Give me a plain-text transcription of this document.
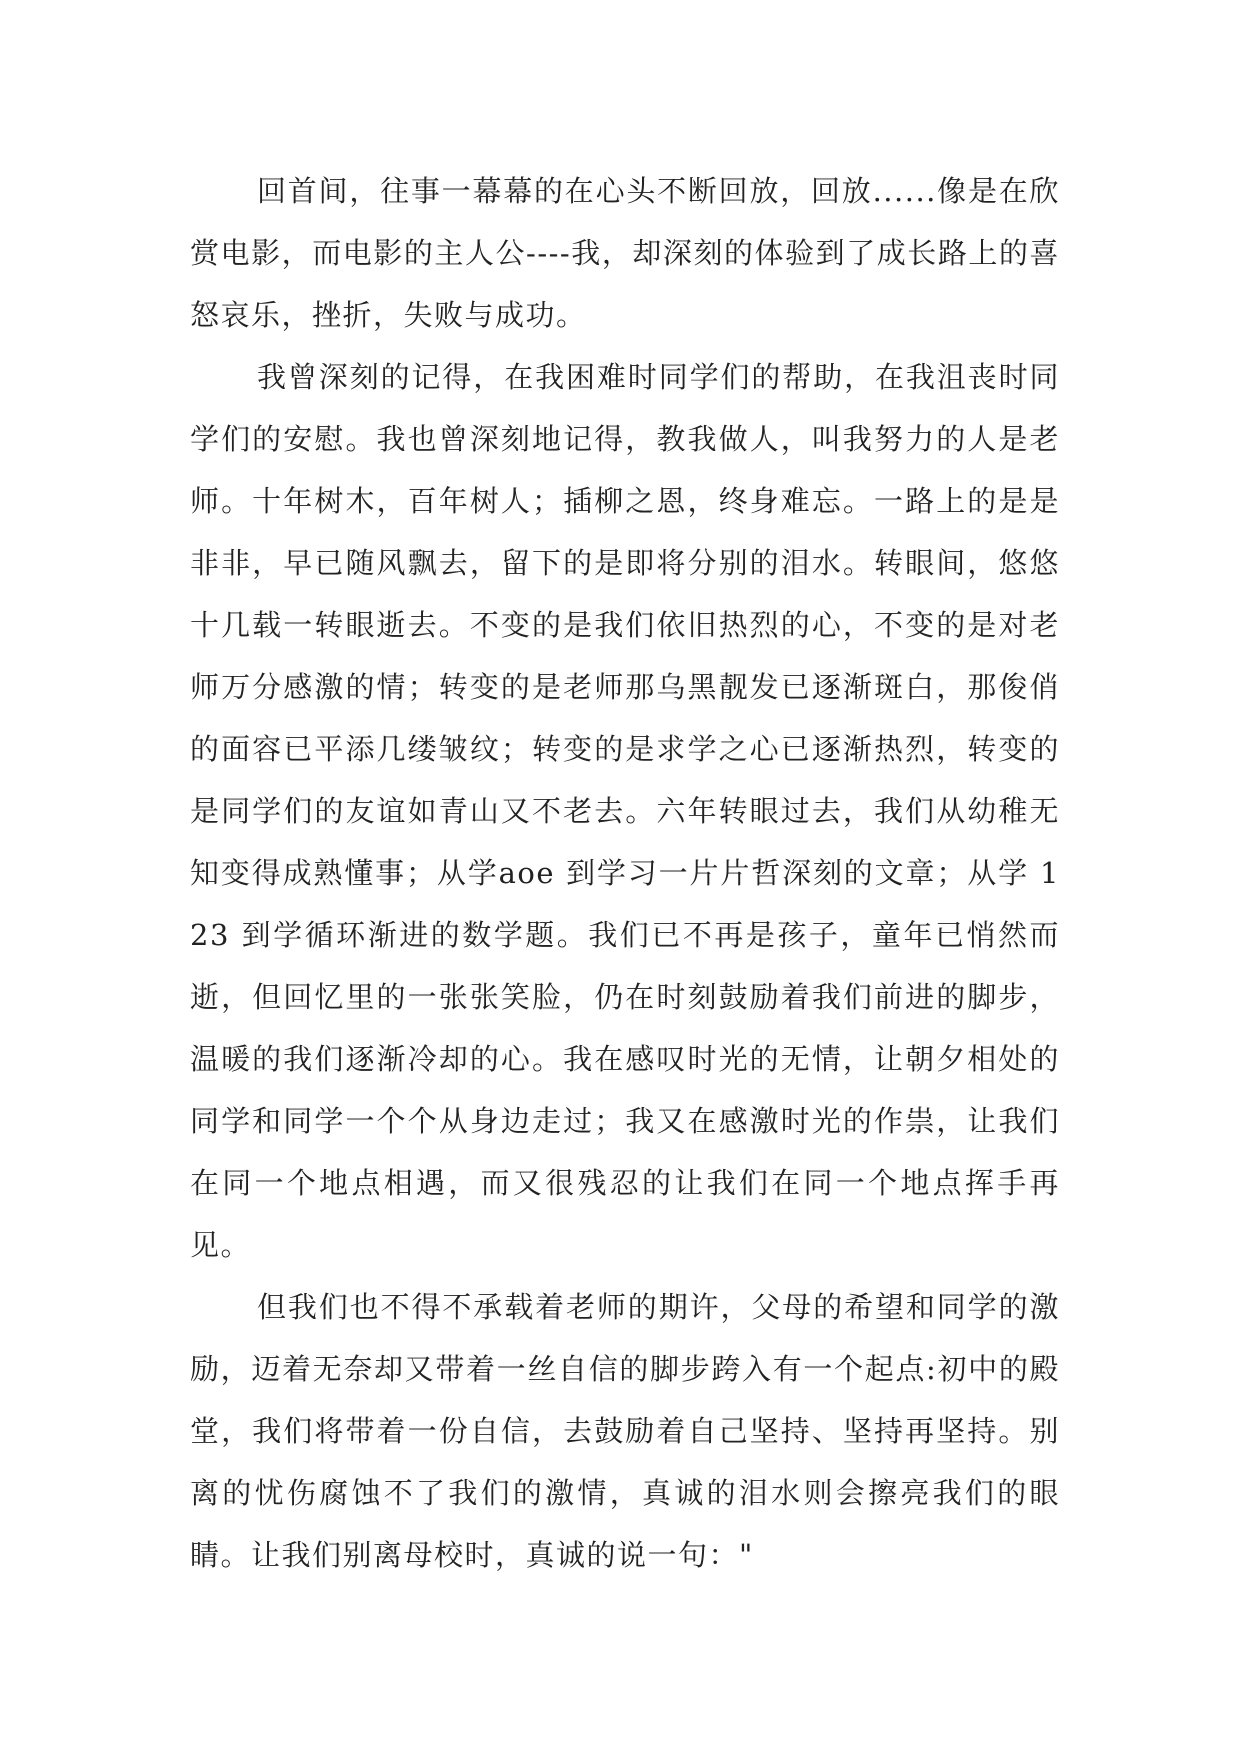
回首间，往事一幕幕的在心头不断回放，回放......像是在欣赏电影，而电影的主人公----我，却深刻的体验到了成长路上的喜怒哀乐，挫折，失败与成功。

我曾深刻的记得，在我困难时同学们的帮助，在我沮丧时同学们的安慰。我也曾深刻地记得，教我做人，叫我努力的人是老师。十年树木，百年树人；插柳之恩，终身难忘。一路上的是是非非，早已随风飘去，留下的是即将分别的泪水。转眼间，悠悠十几载一转眼逝去。不变的是我们依旧热烈的心，不变的是对老师万分感激的情；转变的是老师那乌黑靓发已逐渐斑白，那俊俏的面容已平添几缕皱纹；转变的是求学之心已逐渐热烈，转变的是同学们的友谊如青山又不老去。六年转眼过去，我们从幼稚无知变得成熟懂事；从学aoe 到学习一片片哲深刻的文章；从学 123 到学循环渐进的数学题。我们已不再是孩子，童年已悄然而逝，但回忆里的一张张笑脸，仍在时刻鼓励着我们前进的脚步，温暖的我们逐渐冷却的心。我在感叹时光的无情，让朝夕相处的同学和同学一个个从身边走过；我又在感激时光的作祟，让我们在同一个地点相遇，而又很残忍的让我们在同一个地点挥手再见。

但我们也不得不承载着老师的期许，父母的希望和同学的激励，迈着无奈却又带着一丝自信的脚步跨入有一个起点:初中的殿堂，我们将带着一份自信，去鼓励着自己坚持、坚持再坚持。别离的忧伤腐蚀不了我们的激情，真诚的泪水则会擦亮我们的眼睛。让我们别离母校时，真诚的说一句："
